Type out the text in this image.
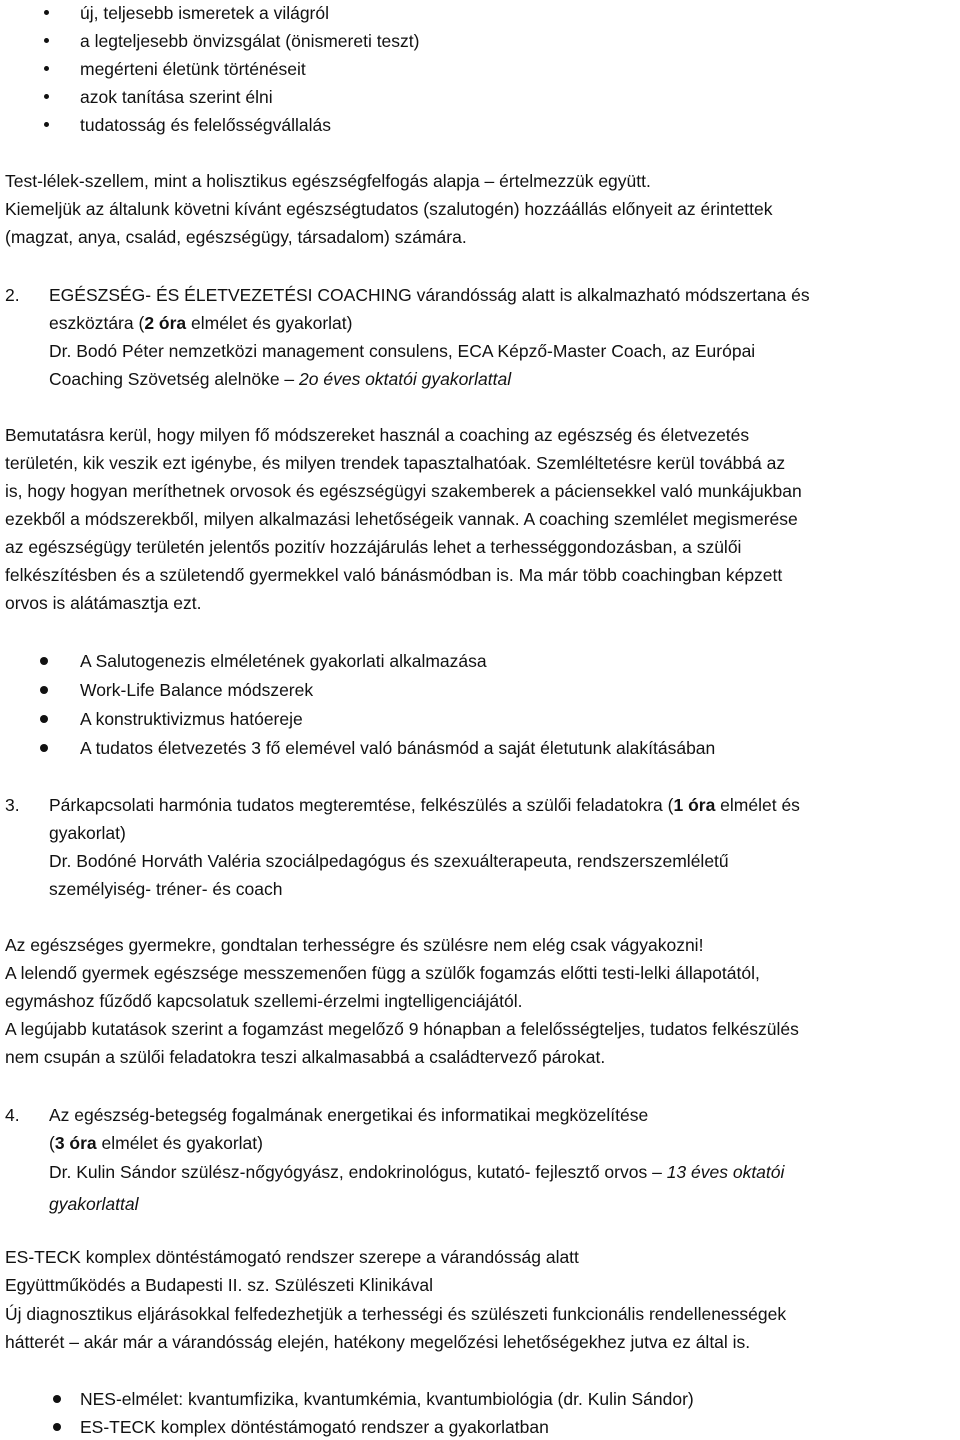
új, teljesebb ismeretek a világról
a legteljesebb önvizsgálat (önismereti teszt)
megérteni életünk történéseit
azok tanítása szerint élni
tudatosság és felelősségvállalás
Test-lélek-szellem, mint a holisztikus egészségfelfogás alapja – értelmezzük együtt.
Kiemeljük az általunk követni kívánt egészségtudatos (szalutogén) hozzáállás előnyeit az érintettek
(magzat, anya, család, egészségügy, társadalom) számára.
2. EGÉSZSÉG- ÉS ÉLETVEZETÉSI COACHING várandósság alatt is alkalmazható módszertana és
eszköztára (2 óra elmélet és gyakorlat)
Dr. Bodó Péter nemzetközi management consulens, ECA Képző-Master Coach, az Európai
Coaching Szövetség alelnöke – 2o éves oktatói gyakorlattal
Bemutatásra kerül, hogy milyen fő módszereket használ a coaching az egészség és életvezetés
területén, kik veszik ezt igénybe, és milyen trendek tapasztalhatóak. Szemléltetésre kerül továbbá az
is, hogy hogyan meríthetnek orvosok és egészségügyi szakemberek a páciensekkel való munkájukban
ezekből a módszerekből, milyen alkalmazási lehetőségeik vannak. A coaching szemlélet megismerése
az egészségügy területén jelentős pozitív hozzájárulás lehet a terhességgondozásban, a szülői
felkészítésben és a születendő gyermekkel való bánásmódban is. Ma már több coachingban képzett
orvos is alátámasztja ezt.
A Salutogenezis elméletének gyakorlati alkalmazása
Work-Life Balance módszerek
A konstruktivizmus hatóereje
A tudatos életvezetés 3 fő elemével való bánásmód a saját életutunk alakításában
3. Párkapcsolati harmónia tudatos megteremtése, felkészülés a szülői feladatokra (1 óra elmélet és
gyakorlat)
Dr. Bodóné Horváth Valéria szociálpedagógus és szexuálterapeuta, rendszerszemléletű
személyiség- tréner- és coach
Az egészséges gyermekre, gondtalan terhességre és szülésre nem elég csak vágyakozni!
A lelendő gyermek egészsége messzemenően függ a szülők fogamzás előtti testi-lelki állapotától,
egymáshoz fűződő kapcsolatuk szellemi-érzelmi ingtelligenciájától.
A legújabb kutatások szerint a fogamzást megelőző 9 hónapban a felelősségteljes, tudatos felkészülés
nem csupán a szülői feladatokra teszi alkalmasabbá a családtervező párokat.
4. Az egészség-betegség fogalmának energetikai és informatikai megközelítése
(3 óra elmélet és gyakorlat)
Dr. Kulin Sándor szülész-nőgyógyász, endokrinológus, kutató- fejlesztő orvos – 13 éves oktatói
gyakorlattal
ES-TECK komplex döntéstámogató rendszer szerepe a várandósság alatt
Együttműködés a Budapesti II. sz. Szülészeti Klinikával
Új diagnosztikus eljárásokkal felfedezhetjük a terhességi és szülészeti funkcionális rendellenességek
hátterét – akár már a várandósság elején, hatékony megelőzési lehetőségekhez jutva ez által is.
NES-elmélet: kvantumfizika, kvantumkémia, kvantumbiológia (dr. Kulin Sándor)
ES-TECK komplex döntéstámogató rendszer a gyakorlatban
